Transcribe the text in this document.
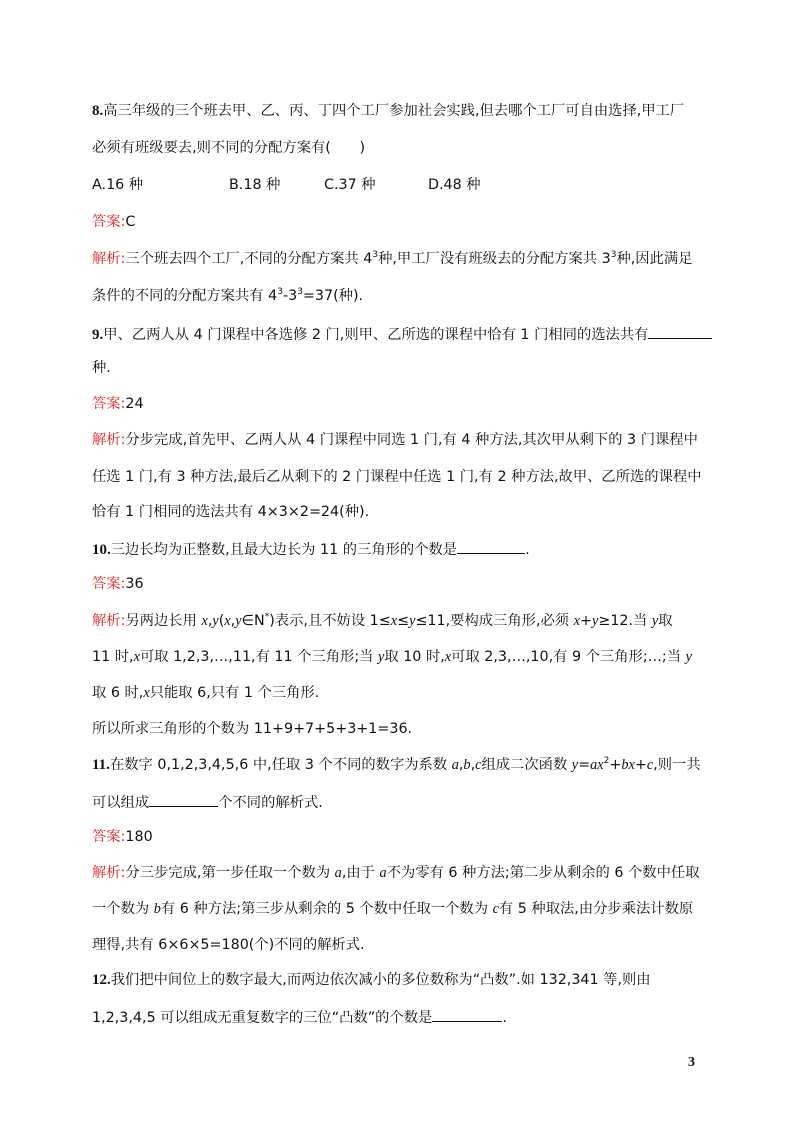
8.高三年级的三个班去甲、乙、丙、丁四个工厂参加社会实践,但去哪个工厂可自由选择,甲工厂
必须有班级要去,则不同的分配方案有(　　)
A.16 种	B.18 种	C.37 种	D.48 种
答案:C
解析:三个班去四个工厂,不同的分配方案共 $4^3$种,甲工厂没有班级去的分配方案共 $3^3$种,因此满足
条件的不同的分配方案共有 $4^3-3^3=37$(种).
9.甲、乙两人从 4 门课程中各选修 2 门,则甲、乙所选的课程中恰有 1 门相同的选法共有
种.
答案:24
解析:分步完成,首先甲、乙两人从 4 门课程中同选 1 门,有 4 种方法,其次甲从剩下的 3 门课程中
任选 1 门,有 3 种方法,最后乙从剩下的 2 门课程中任选 1 门,有 2 种方法,故甲、乙所选的课程中
恰有 1 门相同的选法共有 4×3×2=24(种).
10.三边长均为正整数,且最大边长为 11 的三角形的个数是	.
答案:36
解析:另两边长用 x,y(x,y∈N*)表示,且不妨设 1≤x≤y≤11,要构成三角形,必须 x+y≥12.当 y取
11 时,x可取 1,2,3,…,11,有 11 个三角形;当 y取 10 时,x可取 2,3,…,10,有 9 个三角形;…;当 y
取 6 时,x只能取 6,只有 1 个三角形.
所以所求三角形的个数为 11+9+7+5+3+1=36.
11.在数字 0,1,2,3,4,5,6 中,任取 3 个不同的数字为系数 a,b,c组成二次函数 $y=ax^2+bx+c$,则一共
可以组成	个不同的解析式.
答案:180
解析:分三步完成,第一步任取一个数为 a,由于 a不为零有 6 种方法;第二步从剩余的 6 个数中任取
一个数为 b有 6 种方法;第三步从剩余的 5 个数中任取一个数为 c有 5 种取法,由分步乘法计数原
理得,共有 6×6×5=180(个)不同的解析式.
12.我们把中间位上的数字最大,而两边依次减小的多位数称为“凸数”.如 132,341 等,则由
1,2,3,4,5 可以组成无重复数字的三位“凸数”的个数是	.
3
